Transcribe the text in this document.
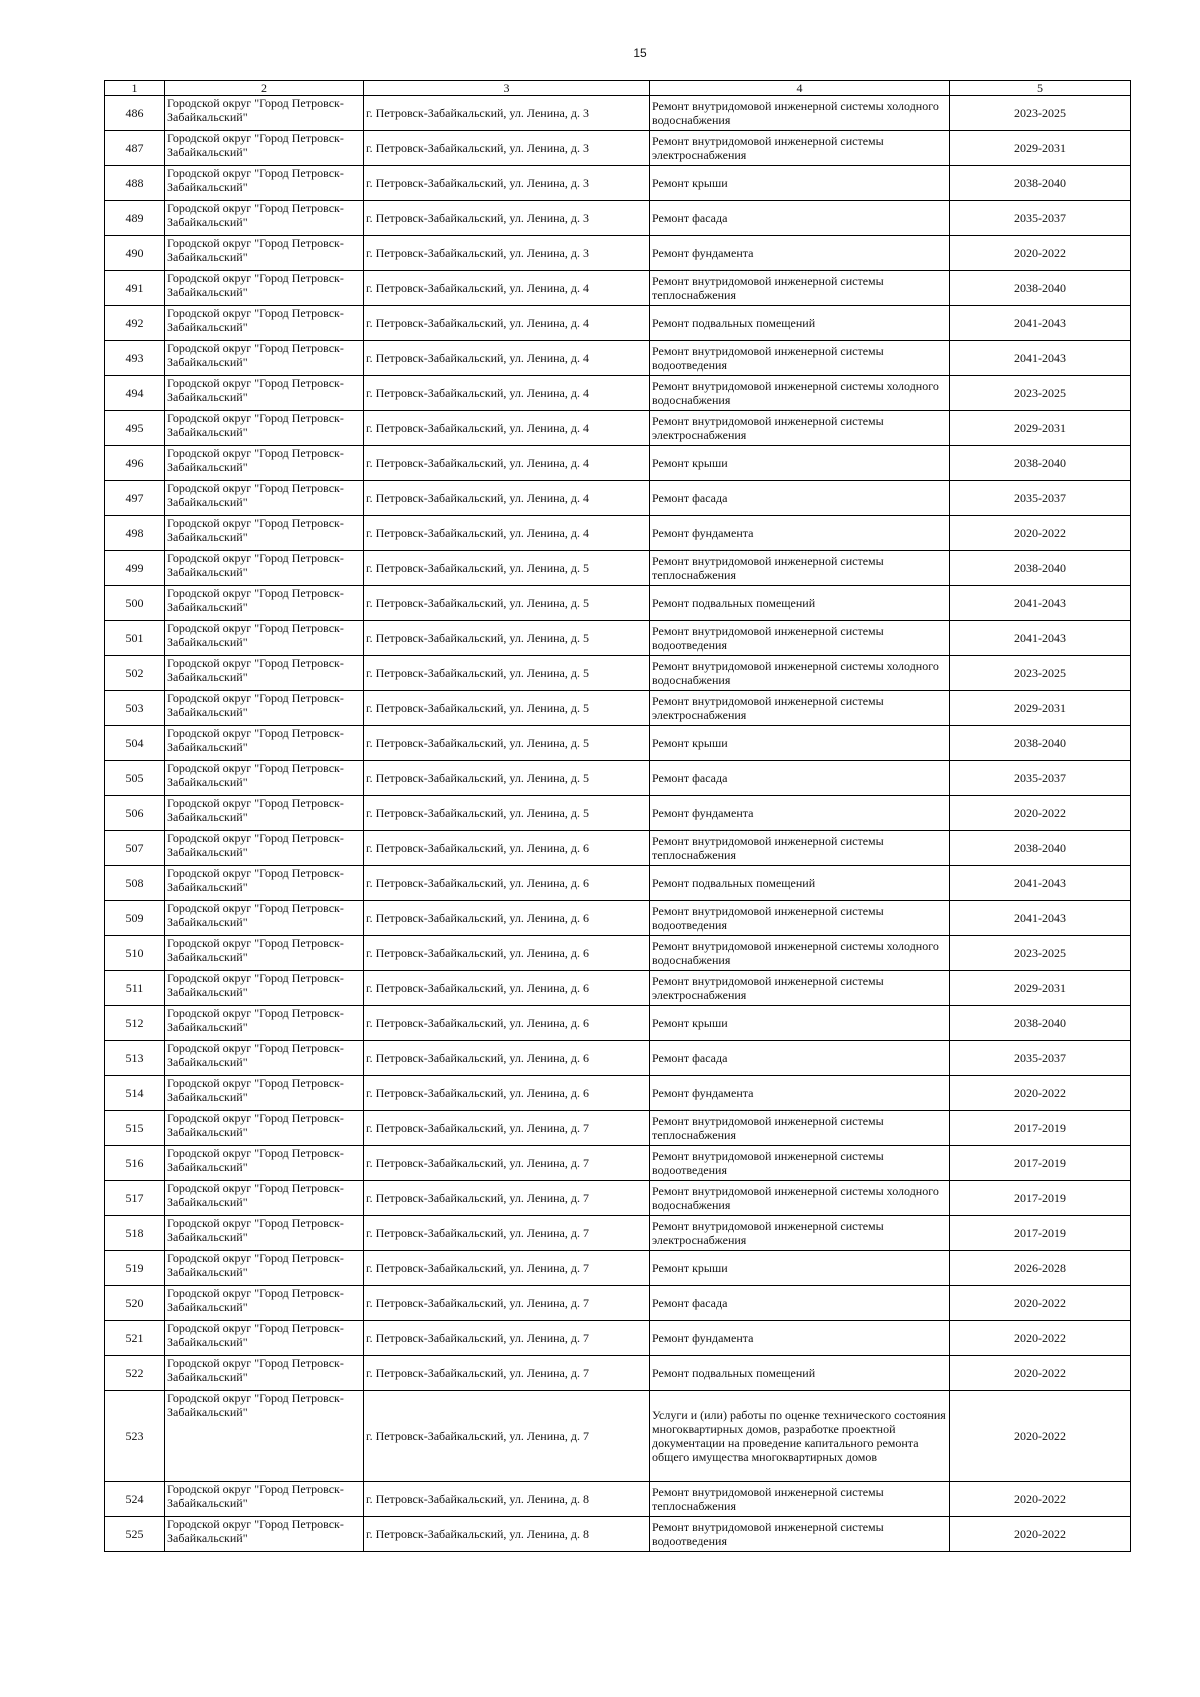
15
1	2	3	4	5
486	Городской округ "Город Петровск-Забайкальский"	г. Петровск-Забайкальский, ул. Ленина, д. 3	Ремонт внутридомовой инженерной системы холодного водоснабжения	2023-2025
487	Городской округ "Город Петровск-Забайкальский"	г. Петровск-Забайкальский, ул. Ленина, д. 3	Ремонт внутридомовой инженерной системы электроснабжения	2029-2031
488	Городской округ "Город Петровск-Забайкальский"	г. Петровск-Забайкальский, ул. Ленина, д. 3	Ремонт крыши	2038-2040
489	Городской округ "Город Петровск-Забайкальский"	г. Петровск-Забайкальский, ул. Ленина, д. 3	Ремонт фасада	2035-2037
490	Городской округ "Город Петровск-Забайкальский"	г. Петровск-Забайкальский, ул. Ленина, д. 3	Ремонт фундамента	2020-2022
491	Городской округ "Город Петровск-Забайкальский"	г. Петровск-Забайкальский, ул. Ленина, д. 4	Ремонт внутридомовой инженерной системы теплоснабжения	2038-2040
492	Городской округ "Город Петровск-Забайкальский"	г. Петровск-Забайкальский, ул. Ленина, д. 4	Ремонт подвальных помещений	2041-2043
493	Городской округ "Город Петровск-Забайкальский"	г. Петровск-Забайкальский, ул. Ленина, д. 4	Ремонт внутридомовой инженерной системы водоотведения	2041-2043
494	Городской округ "Город Петровск-Забайкальский"	г. Петровск-Забайкальский, ул. Ленина, д. 4	Ремонт внутридомовой инженерной системы холодного водоснабжения	2023-2025
495	Городской округ "Город Петровск-Забайкальский"	г. Петровск-Забайкальский, ул. Ленина, д. 4	Ремонт внутридомовой инженерной системы электроснабжения	2029-2031
496	Городской округ "Город Петровск-Забайкальский"	г. Петровск-Забайкальский, ул. Ленина, д. 4	Ремонт крыши	2038-2040
497	Городской округ "Город Петровск-Забайкальский"	г. Петровск-Забайкальский, ул. Ленина, д. 4	Ремонт фасада	2035-2037
498	Городской округ "Город Петровск-Забайкальский"	г. Петровск-Забайкальский, ул. Ленина, д. 4	Ремонт фундамента	2020-2022
499	Городской округ "Город Петровск-Забайкальский"	г. Петровск-Забайкальский, ул. Ленина, д. 5	Ремонт внутридомовой инженерной системы теплоснабжения	2038-2040
500	Городской округ "Город Петровск-Забайкальский"	г. Петровск-Забайкальский, ул. Ленина, д. 5	Ремонт подвальных помещений	2041-2043
501	Городской округ "Город Петровск-Забайкальский"	г. Петровск-Забайкальский, ул. Ленина, д. 5	Ремонт внутридомовой инженерной системы водоотведения	2041-2043
502	Городской округ "Город Петровск-Забайкальский"	г. Петровск-Забайкальский, ул. Ленина, д. 5	Ремонт внутридомовой инженерной системы холодного водоснабжения	2023-2025
503	Городской округ "Город Петровск-Забайкальский"	г. Петровск-Забайкальский, ул. Ленина, д. 5	Ремонт внутридомовой инженерной системы электроснабжения	2029-2031
504	Городской округ "Город Петровск-Забайкальский"	г. Петровск-Забайкальский, ул. Ленина, д. 5	Ремонт крыши	2038-2040
505	Городской округ "Город Петровск-Забайкальский"	г. Петровск-Забайкальский, ул. Ленина, д. 5	Ремонт фасада	2035-2037
506	Городской округ "Город Петровск-Забайкальский"	г. Петровск-Забайкальский, ул. Ленина, д. 5	Ремонт фундамента	2020-2022
507	Городской округ "Город Петровск-Забайкальский"	г. Петровск-Забайкальский, ул. Ленина, д. 6	Ремонт внутридомовой инженерной системы теплоснабжения	2038-2040
508	Городской округ "Город Петровск-Забайкальский"	г. Петровск-Забайкальский, ул. Ленина, д. 6	Ремонт подвальных помещений	2041-2043
509	Городской округ "Город Петровск-Забайкальский"	г. Петровск-Забайкальский, ул. Ленина, д. 6	Ремонт внутридомовой инженерной системы водоотведения	2041-2043
510	Городской округ "Город Петровск-Забайкальский"	г. Петровск-Забайкальский, ул. Ленина, д. 6	Ремонт внутридомовой инженерной системы холодного водоснабжения	2023-2025
511	Городской округ "Город Петровск-Забайкальский"	г. Петровск-Забайкальский, ул. Ленина, д. 6	Ремонт внутридомовой инженерной системы электроснабжения	2029-2031
512	Городской округ "Город Петровск-Забайкальский"	г. Петровск-Забайкальский, ул. Ленина, д. 6	Ремонт крыши	2038-2040
513	Городской округ "Город Петровск-Забайкальский"	г. Петровск-Забайкальский, ул. Ленина, д. 6	Ремонт фасада	2035-2037
514	Городской округ "Город Петровск-Забайкальский"	г. Петровск-Забайкальский, ул. Ленина, д. 6	Ремонт фундамента	2020-2022
515	Городской округ "Город Петровск-Забайкальский"	г. Петровск-Забайкальский, ул. Ленина, д. 7	Ремонт внутридомовой инженерной системы теплоснабжения	2017-2019
516	Городской округ "Город Петровск-Забайкальский"	г. Петровск-Забайкальский, ул. Ленина, д. 7	Ремонт внутридомовой инженерной системы водоотведения	2017-2019
517	Городской округ "Город Петровск-Забайкальский"	г. Петровск-Забайкальский, ул. Ленина, д. 7	Ремонт внутридомовой инженерной системы холодного водоснабжения	2017-2019
518	Городской округ "Город Петровск-Забайкальский"	г. Петровск-Забайкальский, ул. Ленина, д. 7	Ремонт внутридомовой инженерной системы электроснабжения	2017-2019
519	Городской округ "Город Петровск-Забайкальский"	г. Петровск-Забайкальский, ул. Ленина, д. 7	Ремонт крыши	2026-2028
520	Городской округ "Город Петровск-Забайкальский"	г. Петровск-Забайкальский, ул. Ленина, д. 7	Ремонт фасада	2020-2022
521	Городской округ "Город Петровск-Забайкальский"	г. Петровск-Забайкальский, ул. Ленина, д. 7	Ремонт фундамента	2020-2022
522	Городской округ "Город Петровск-Забайкальский"	г. Петровск-Забайкальский, ул. Ленина, д. 7	Ремонт подвальных помещений	2020-2022
523	Городской округ "Город Петровск-Забайкальский"	г. Петровск-Забайкальский, ул. Ленина, д. 7	Услуги и (или) работы по оценке технического состояния многоквартирных домов, разработке проектной документации на проведение капитального ремонта общего имущества многоквартирных домов	2020-2022
524	Городской округ "Город Петровск-Забайкальский"	г. Петровск-Забайкальский, ул. Ленина, д. 8	Ремонт внутридомовой инженерной системы теплоснабжения	2020-2022
525	Городской округ "Город Петровск-Забайкальский"	г. Петровск-Забайкальский, ул. Ленина, д. 8	Ремонт внутридомовой инженерной системы водоотведения	2020-2022
